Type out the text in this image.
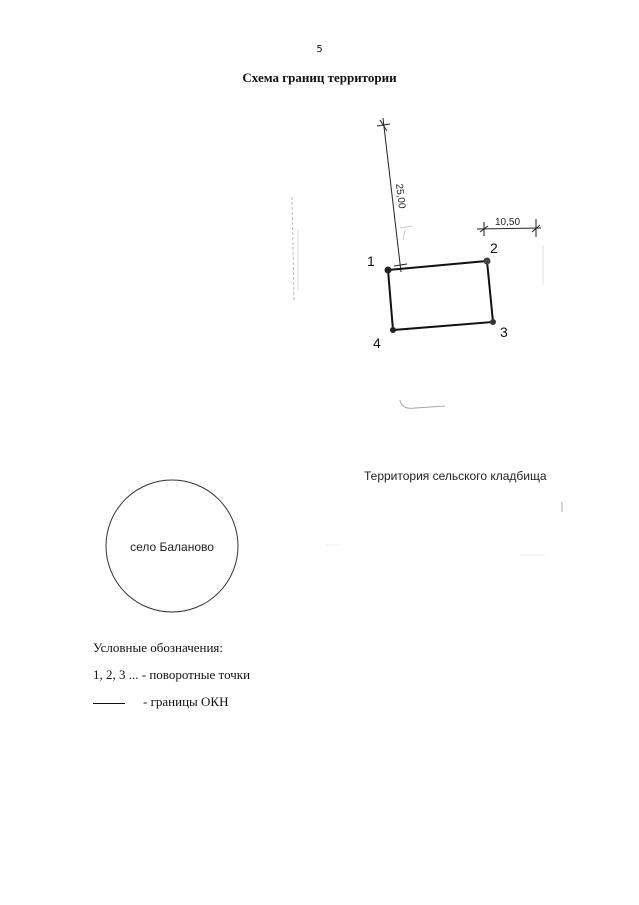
5
Схема границ территории
25,00
10,50
1
2
3
4
Территория сельского кладбища
село Баланово
Условные обозначения:
1, 2, 3 ... - поворотные точки
- границы ОКН
